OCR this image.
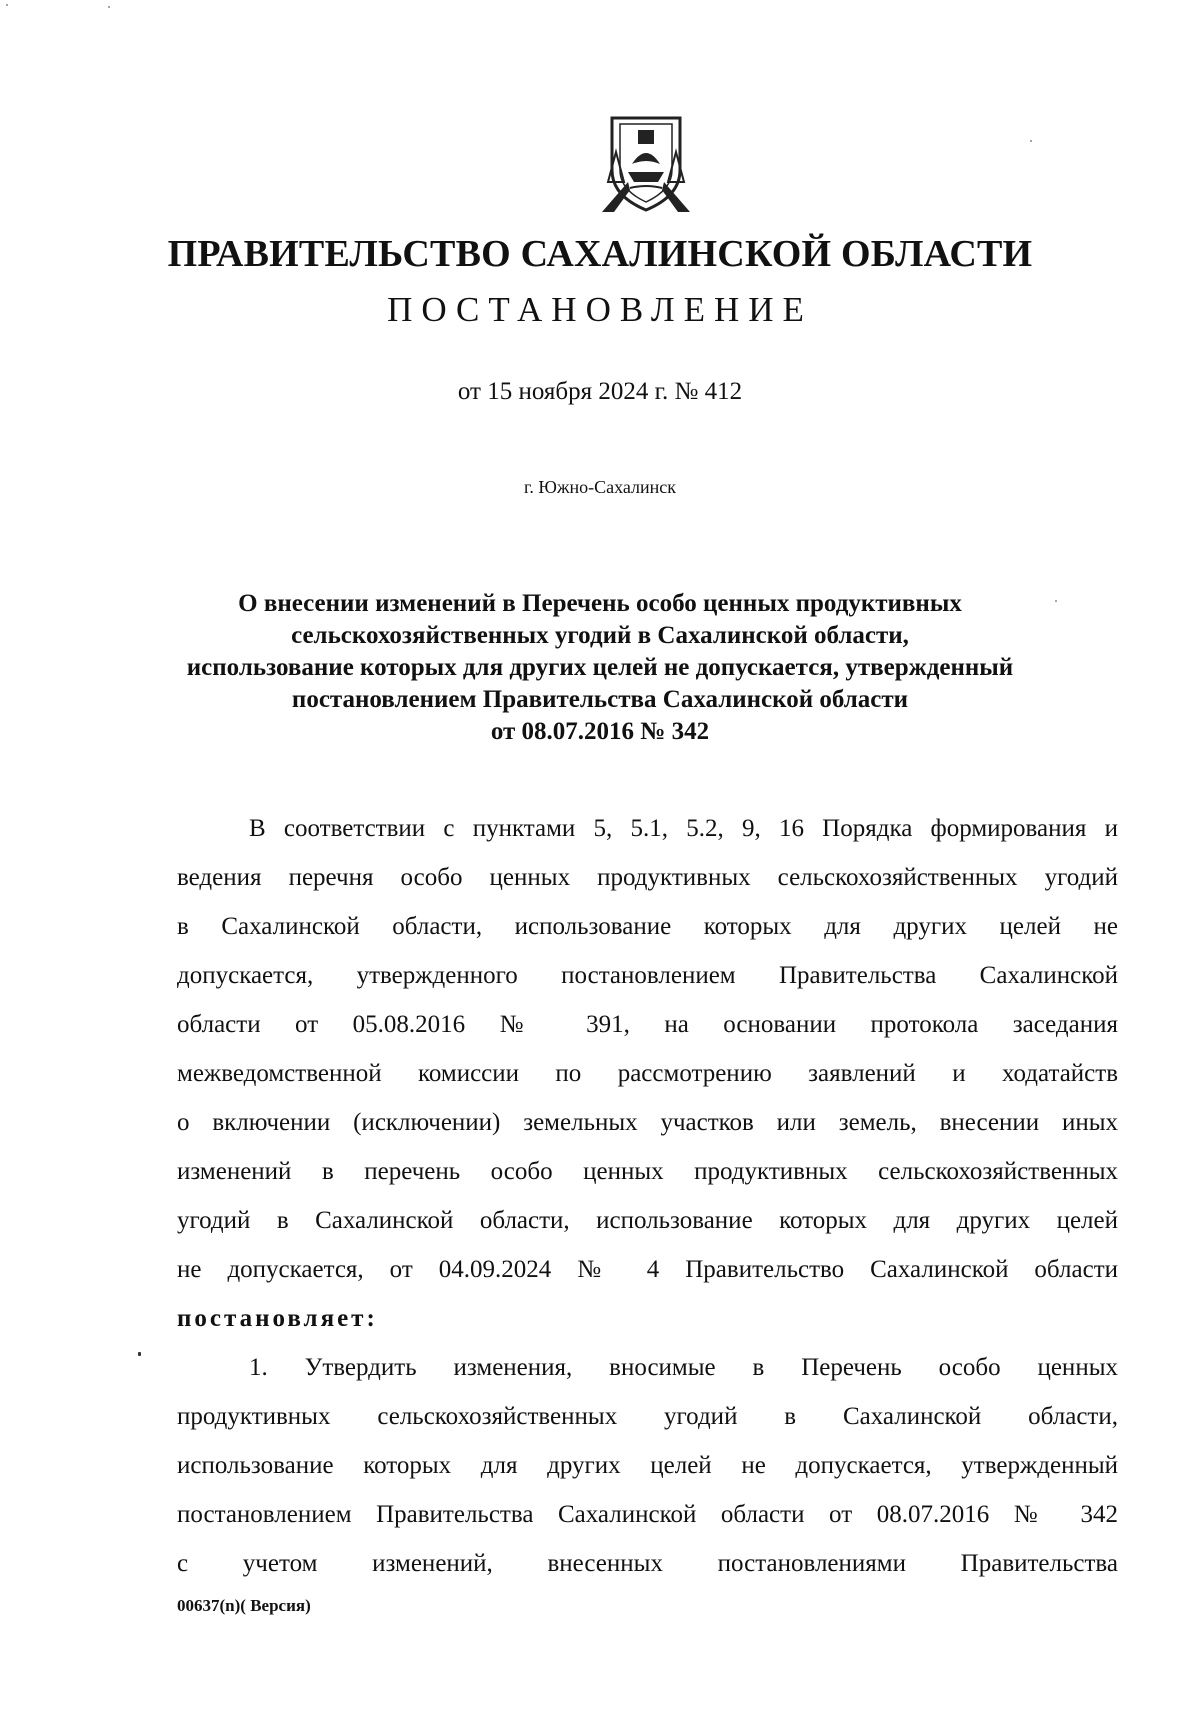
ПРАВИТЕЛЬСТВО САХАЛИНСКОЙ ОБЛАСТИ
ПОСТАНОВЛЕНИЕ
от 15 ноября 2024 г. № 412
г. Южно-Сахалинск
О внесении изменений в Перечень особо ценных продуктивных
сельскохозяйственных угодий в Сахалинской области,
использование которых для других целей не допускается, утвержденный
постановлением Правительства Сахалинской области
от 08.07.2016 № 342
В соответствии с пунктами 5, 5.1, 5.2, 9, 16 Порядка формирования и
ведения перечня особо ценных продуктивных сельскохозяйственных угодий
в Сахалинской области, использование которых для других целей не
допускается, утвержденного постановлением Правительства Сахалинской
области от 05.08.2016 № 391, на основании протокола заседания
межведомственной комиссии по рассмотрению заявлений и ходатайств
о включении (исключении) земельных участков или земель, внесении иных
изменений в перечень особо ценных продуктивных сельскохозяйственных
угодий в Сахалинской области, использование которых для других целей
не допускается, от 04.09.2024 № 4 Правительство Сахалинской области
постановляет:
1. Утвердить изменения, вносимые в Перечень особо ценных
продуктивных сельскохозяйственных угодий в Сахалинской области,
использование которых для других целей не допускается, утвержденный
постановлением Правительства Сахалинской области от 08.07.2016 № 342
с учетом изменений, внесенных постановлениями Правительства
00637(n)( Версия)
